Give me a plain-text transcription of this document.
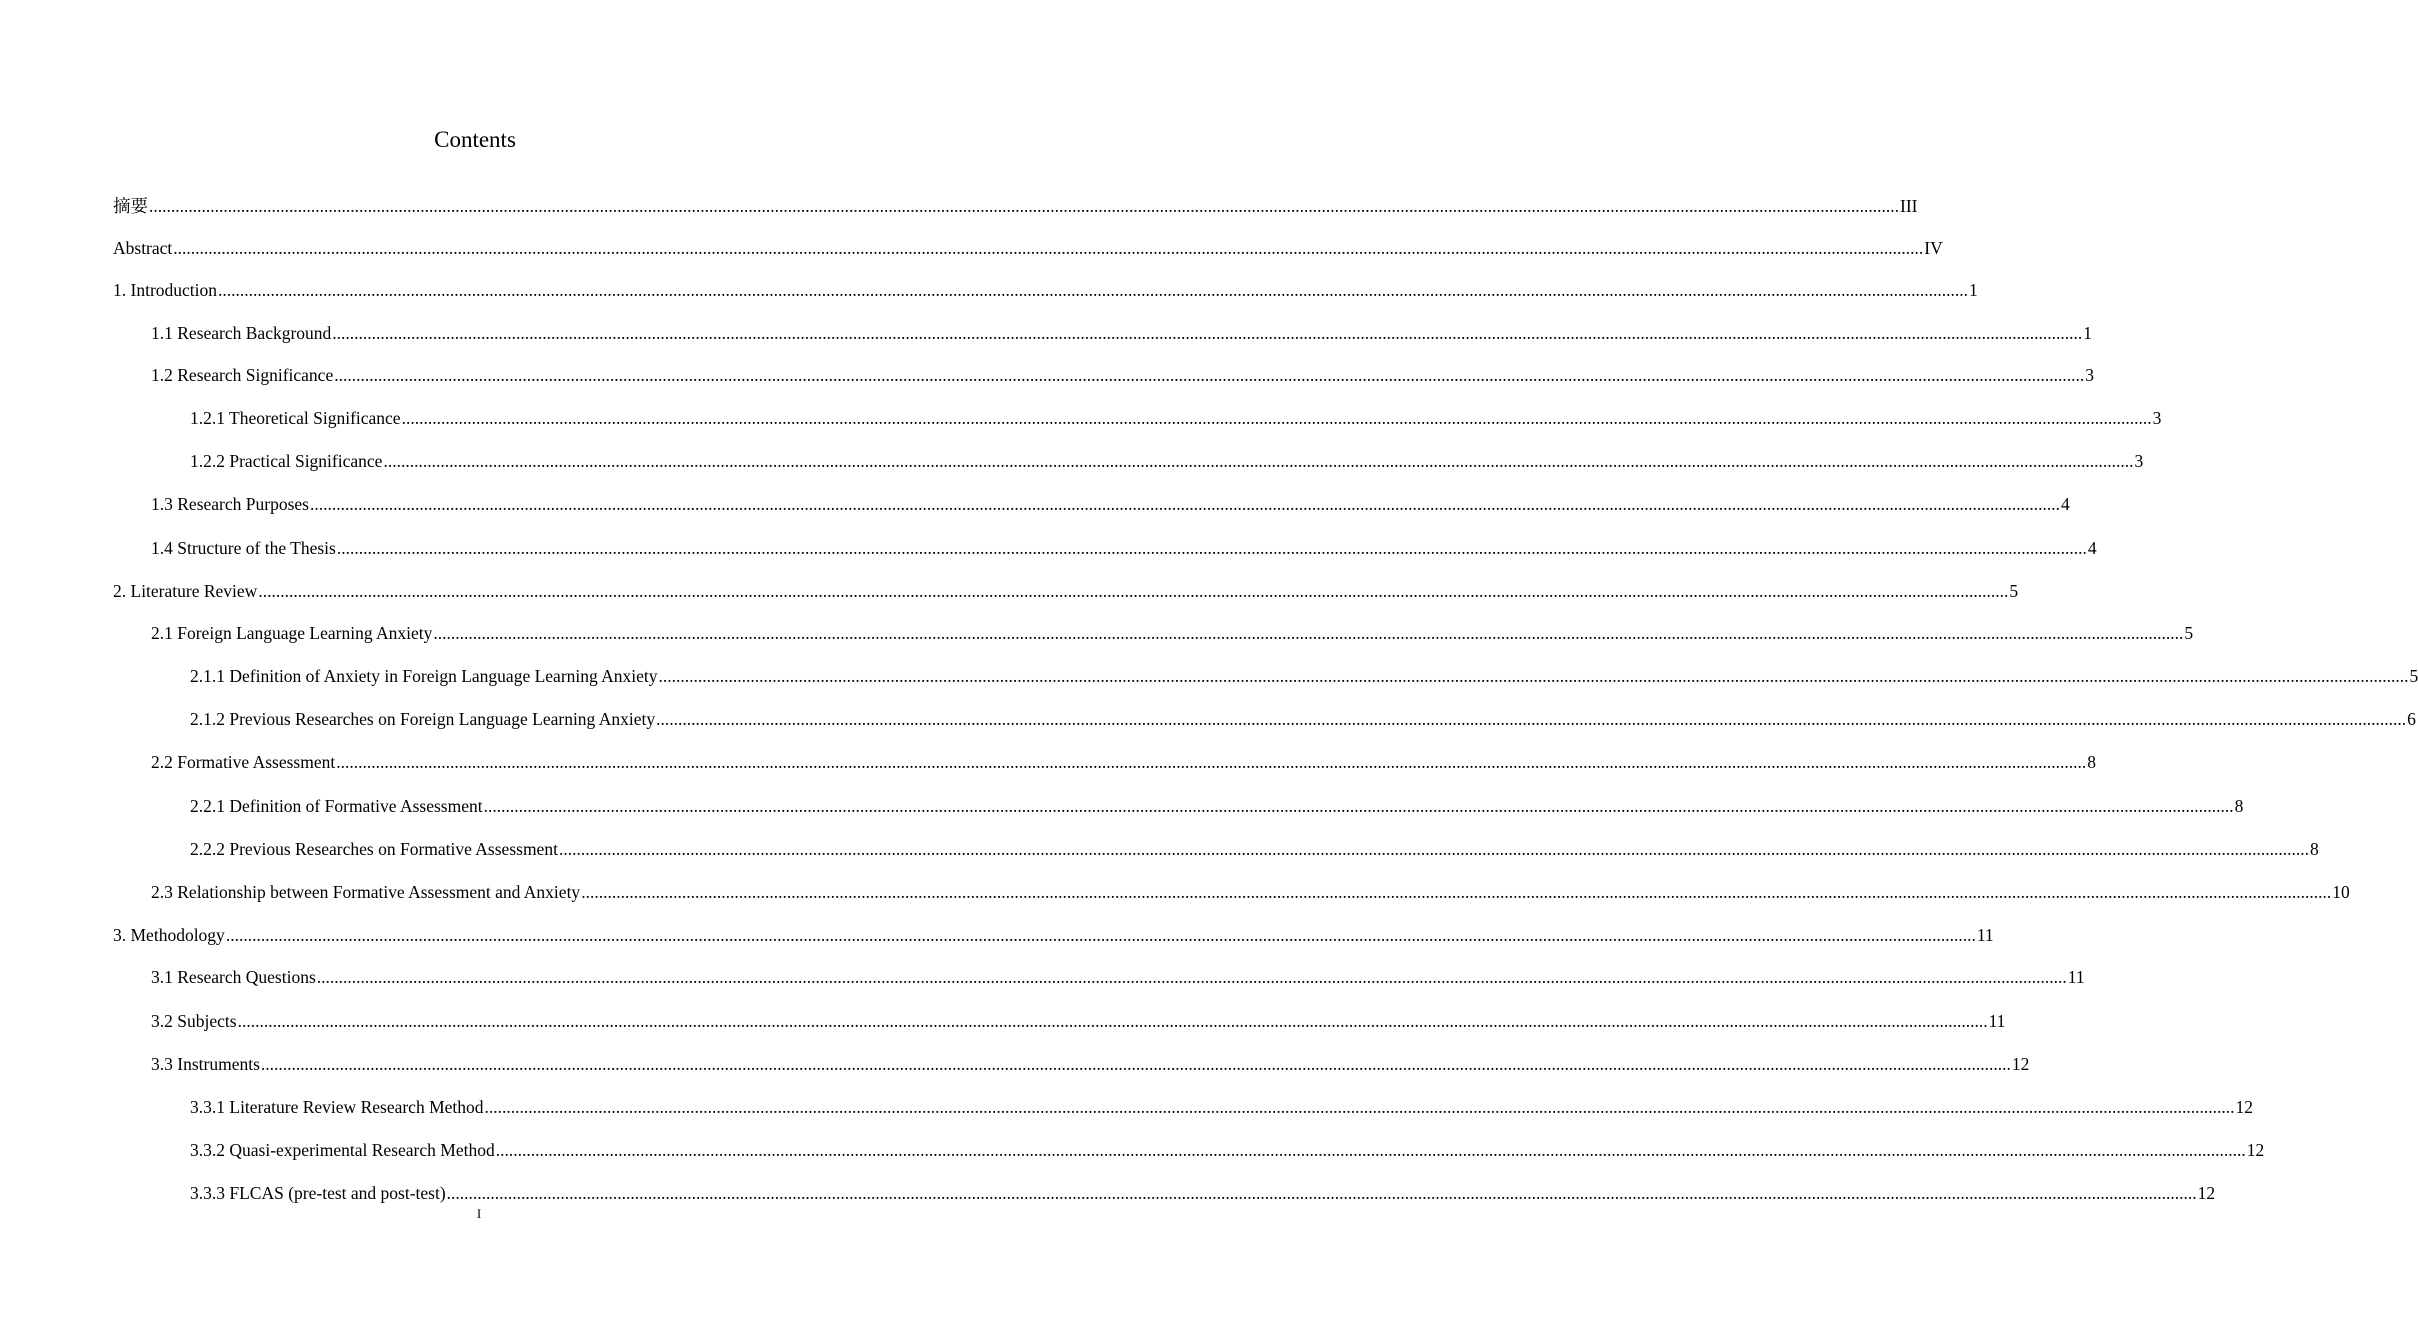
Contents
摘要 ................................................................................................................................................................................................................................................................................................................................................................................................................ III
Abstract ................................................................................................................................................................................................................................................................................................................................................................................................................ IV
1. Introduction ................................................................................................................................................................................................................................................................................................................................................................................................................ 1
1.1 Research Background ................................................................................................................................................................................................................................................................................................................................................................................................................ 1
1.2 Research Significance ................................................................................................................................................................................................................................................................................................................................................................................................................ 3
1.2.1 Theoretical Significance ................................................................................................................................................................................................................................................................................................................................................................................................................ 3
1.2.2 Practical Significance ................................................................................................................................................................................................................................................................................................................................................................................................................ 3
1.3 Research Purposes ................................................................................................................................................................................................................................................................................................................................................................................................................ 4
1.4 Structure of the Thesis ................................................................................................................................................................................................................................................................................................................................................................................................................ 4
2. Literature Review ................................................................................................................................................................................................................................................................................................................................................................................................................ 5
2.1 Foreign Language Learning Anxiety ................................................................................................................................................................................................................................................................................................................................................................................................................ 5
2.1.1 Definition of Anxiety in Foreign Language Learning Anxiety ................................................................................................................................................................................................................................................................................................................................................................................................................ 5
2.1.2 Previous Researches on Foreign Language Learning Anxiety ................................................................................................................................................................................................................................................................................................................................................................................................................ 6
2.2 Formative Assessment ................................................................................................................................................................................................................................................................................................................................................................................................................ 8
2.2.1 Definition of Formative Assessment ................................................................................................................................................................................................................................................................................................................................................................................................................ 8
2.2.2 Previous Researches on Formative Assessment ................................................................................................................................................................................................................................................................................................................................................................................................................ 8
2.3 Relationship between Formative Assessment and Anxiety ................................................................................................................................................................................................................................................................................................................................................................................................................ 10
3. Methodology ................................................................................................................................................................................................................................................................................................................................................................................................................ 11
3.1 Research Questions ................................................................................................................................................................................................................................................................................................................................................................................................................ 11
3.2 Subjects ................................................................................................................................................................................................................................................................................................................................................................................................................ 11
3.3 Instruments ................................................................................................................................................................................................................................................................................................................................................................................................................ 12
3.3.1 Literature Review Research Method ................................................................................................................................................................................................................................................................................................................................................................................................................ 12
3.3.2 Quasi-experimental Research Method ................................................................................................................................................................................................................................................................................................................................................................................................................ 12
3.3.3 FLCAS (pre-test and post-test) ................................................................................................................................................................................................................................................................................................................................................................................................................ 12
I
